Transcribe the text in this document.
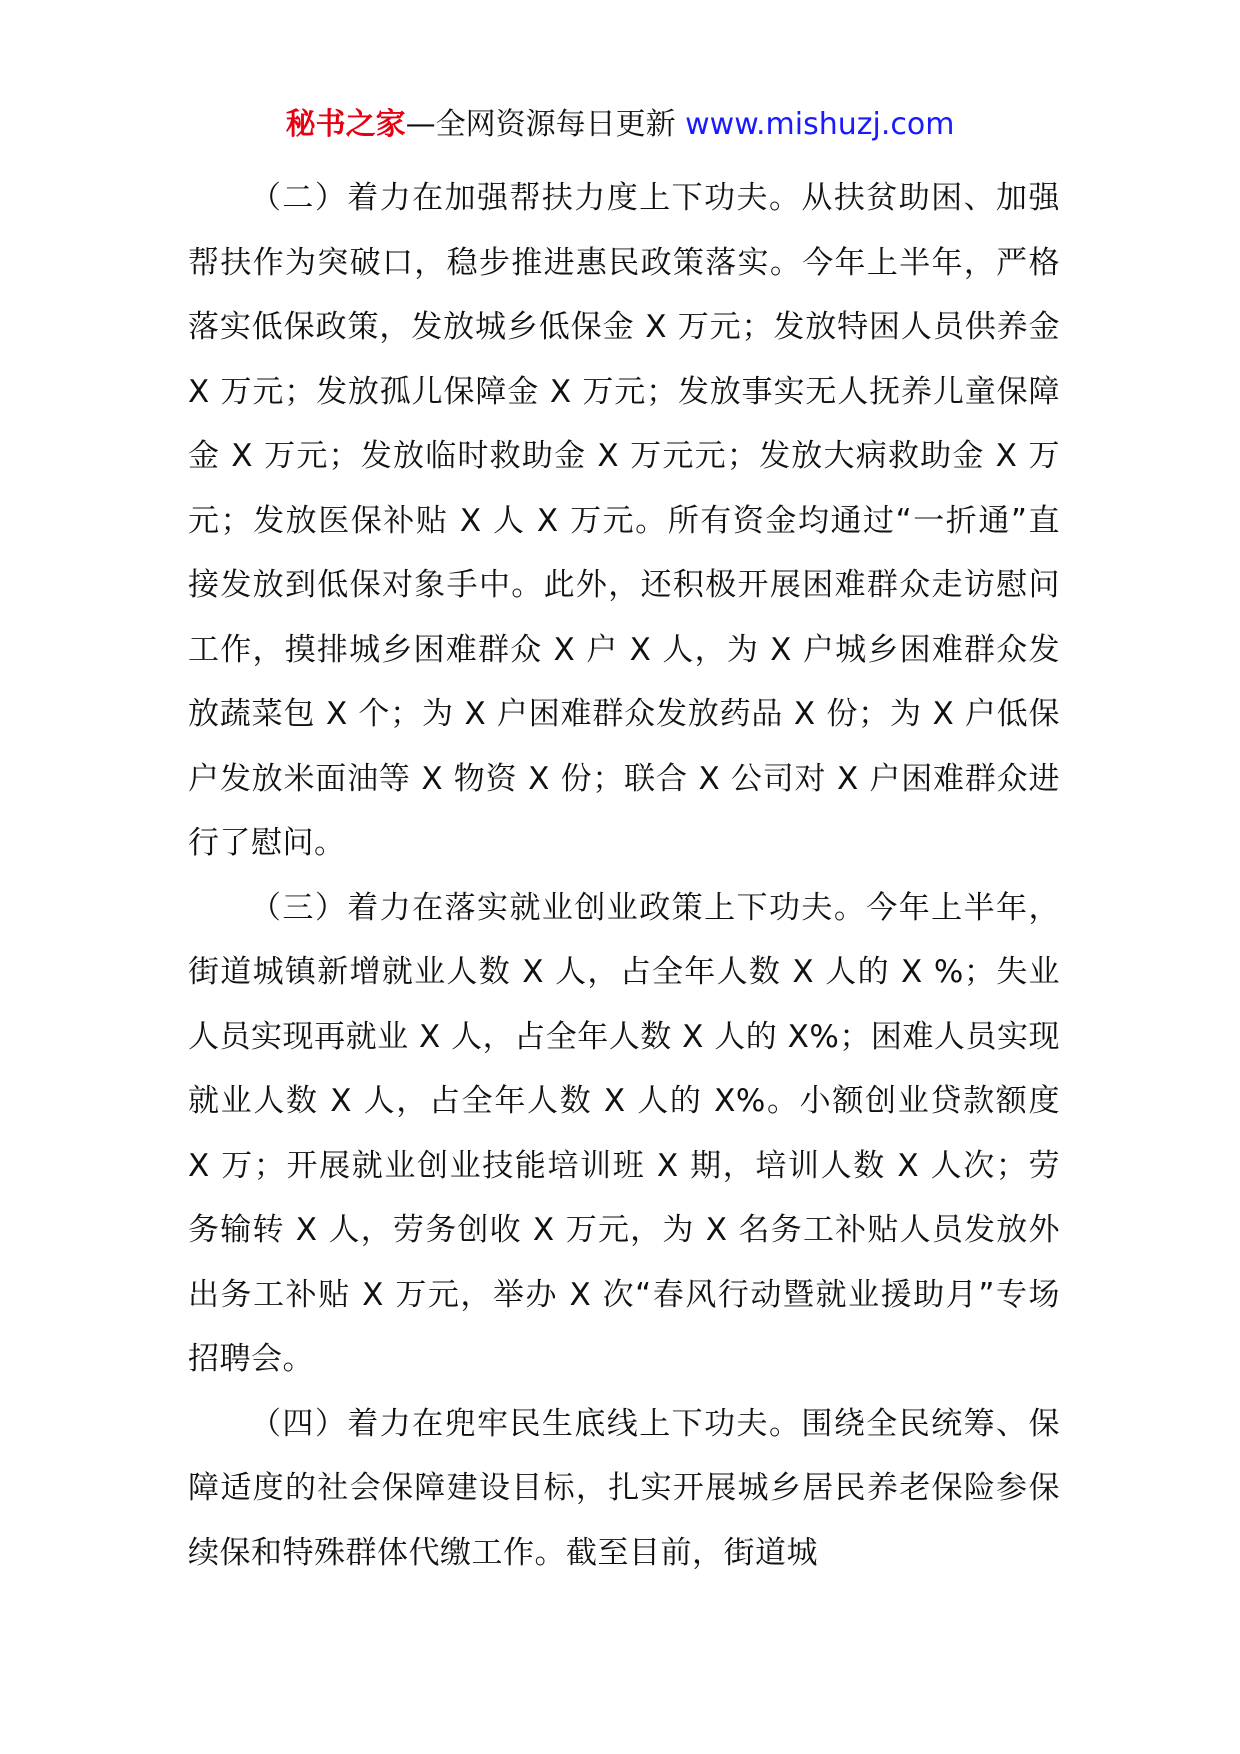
秘书之家—全网资源每日更新 www.mishuzj.com

（二）着力在加强帮扶力度上下功夫。从扶贫助困、加强帮扶作为突破口，稳步推进惠民政策落实。今年上半年，严格落实低保政策，发放城乡低保金 X 万元；发放特困人员供养金 X 万元；发放孤儿保障金 X 万元；发放事实无人抚养儿童保障金 X 万元；发放临时救助金 X 万元元；发放大病救助金 X 万元；发放医保补贴 X 人 X 万元。所有资金均通过“一折通”直接发放到低保对象手中。此外，还积极开展困难群众走访慰问工作，摸排城乡困难群众 X 户 X 人，为 X 户城乡困难群众发放蔬菜包 X 个；为 X 户困难群众发放药品 X 份；为 X 户低保户发放米面油等 X 物资 X 份；联合 X 公司对 X 户困难群众进行了慰问。

（三）着力在落实就业创业政策上下功夫。今年上半年，街道城镇新增就业人数 X 人，占全年人数 X 人的 X %；失业人员实现再就业 X 人，占全年人数 X 人的 X%；困难人员实现就业人数 X 人，占全年人数 X 人的 X%。小额创业贷款额度 X 万；开展就业创业技能培训班 X 期，培训人数 X 人次；劳务输转 X 人，劳务创收 X 万元，为 X 名务工补贴人员发放外出务工补贴 X 万元，举办 X 次“春风行动暨就业援助月”专场招聘会。

（四）着力在兜牢民生底线上下功夫。围绕全民统筹、保障适度的社会保障建设目标，扎实开展城乡居民养老保险参保续保和特殊群体代缴工作。截至目前，街道城
